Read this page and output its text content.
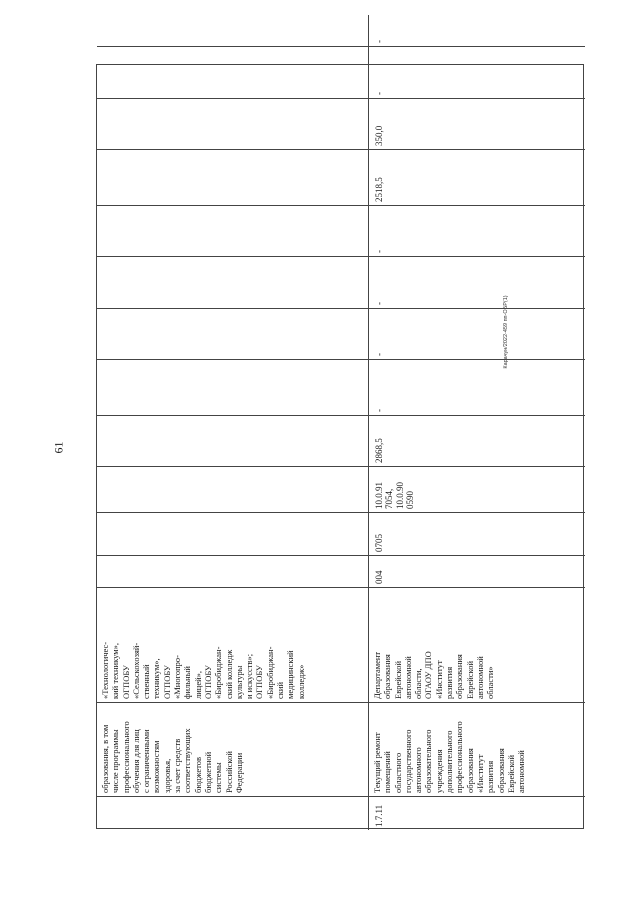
61
Карачун/2022-459 пп-ОБР(1)
образования, в том числе программы профессионального обучения для лиц с ограниченными возможностям здоровья, за счет средств соответствующих бюджетов бюджетной системы Российской Федерации
«Технологичес- кий техникум», ОГПОБУ «Сельскохозяй- ственный техникум», ОГПОБУ «Многопро- фильный лицей», ОГПОБУ «Биробиджан- ский колледж культуры и искусств»; ОГПОБУ «Биробиджан- ский медицинский колледж»
1.7.11
Текущий ремонт помещений областного государственного автономного образовательного учреждения дополнительного профессионального образования «Институт развития образования Еврейской автономной
Департамент образования Еврейской автономной области, ОГАОУ ДПО «Институт развития образования Еврейской автономной области»
004
0705
10.0.91 7054, 10.0.90 0590
2868,5
-
-
-
-
2518,5
350,0
-
-
